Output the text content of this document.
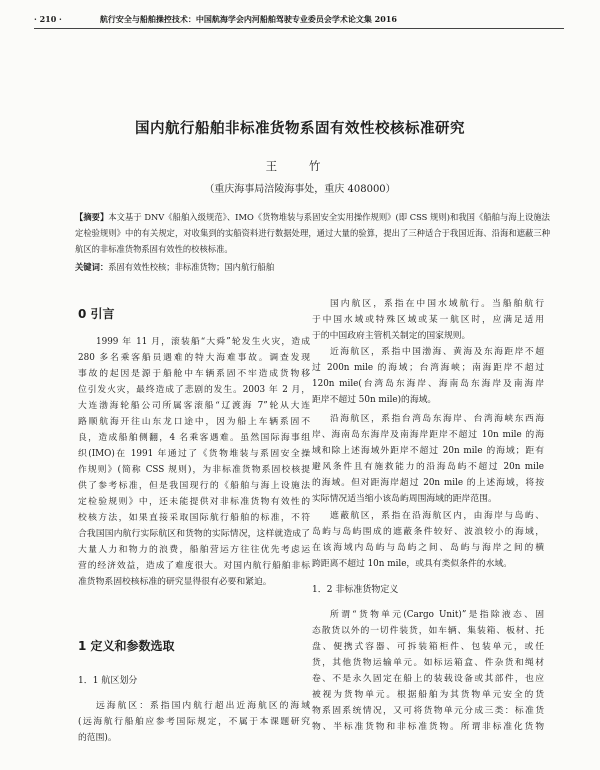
· 210 ·	航行安全与船舶操控技术：中国航海学会内河船舶驾驶专业委员会学术论文集 2016
国内航行船舶非标准货物系固有效性校核标准研究
王 竹
（重庆海事局涪陵海事处，重庆 408000）
【摘要】本文基于 DNV《船舶入级规范》、IMO《货物堆装与系固安全实用操作规则》(即 CSS 规则)和我国《船舶与海上设施法定检验规则》中的有关规定，对收集到的实船资料进行数据处理，通过大量的验算，提出了三种适合于我国近海、沿海和遮蔽三种航区的非标准货物系固有效性的校核标准。
关键词：系固有效性校核；非标准货物；国内航行船舶
0 引言
1999 年 11 月，滚装船“大舜”轮发生火灾，造成
280 多名乘客船员遇难的特大海难事故。调查发现
事故的起因是源于船舱中车辆系固不牢造成货物移
位引发火灾，最终造成了悲剧的发生。2003 年 2 月，
大连渤海轮船公司所属客滚船“辽渡海 7”轮从大连
路顺航海开往山东龙口途中，因为船上车辆系固不
良，造成船舶侧翻，4 名乘客遇难。虽然国际海事组
织(IMO)在 1991 年通过了《货物堆装与系固安全操
作规则》(简称 CSS 规则)，为非标准货物系固校核提
供了参考标准，但是我国现行的《船舶与海上设施法
定检验规则》中，还未能提供对非标准货物有效性的
校核方法，如果直接采取国际航行船舶的标准，不符
合我国国内航行实际航区和货物的实际情况，这样就造成了
大量人力和物力的浪费，船舶营运方往往优先考虑运
营的经济效益，造成了难度很大。对国内航行船舶非标
准货物系固校核标准的研究显得很有必要和紧迫。
1 定义和参数选取
1．1 航区划分
远海航区：系指国内航行超出近海航区的海域
(远海航行船舶应参考国际规定，不属于本课题研究
的范围)。
国内航区，系指在中国水域航行。当船舶航行
于中国水域或特殊区域或某一航区时，应满足适用
于的中国政府主管机关制定的国家规则。
近海航区，系指中国渤海、黄海及东海距岸不超
过 200n mile 的海域；台湾海峡；南海距岸不超过
120n mile(台湾岛东海岸、海南岛东海岸及南海岸
距岸不超过 50n mile)的海域。
沿海航区，系指台湾岛东海岸、台湾海峡东西海
岸、海南岛东海岸及南海岸距岸不超过 10n mile 的海
域和除上述海域外距岸不超过 20n mile 的海域；距有
避风条件且有施救能力的沿海岛屿不超过 20n mile
的海域。但对距海岸超过 20n mile 的上述海域，将按
实际情况适当缩小该岛屿周围海域的距岸范围。
遮蔽航区，系指在沿海航区内，由海岸与岛屿、
岛屿与岛屿围成的遮蔽条件较好、波浪较小的海域，
在该海域内岛屿与岛屿之间、岛屿与海岸之间的横
跨距离不超过 10n mile，或具有类似条件的水域。
1．2 非标准货物定义
所谓“货物单元(Cargo Unit)”是指除液态、固
态散货以外的一切件装货，如车辆、集装箱、板材、托
盘、便携式容器、可拆装箱柜件、包装单元，或任
货，其他货物运输单元。如标运箱盒、件杂货和绳材
卷、不是永久固定在船上的装载设备或其部件，也应
被视为货物单元。根据船舶为其货物单元安全的货
物系固系统情况，又可将货物单元分成三类：标准货
物、半标准货物和非标准货物。所谓非标准化货物
